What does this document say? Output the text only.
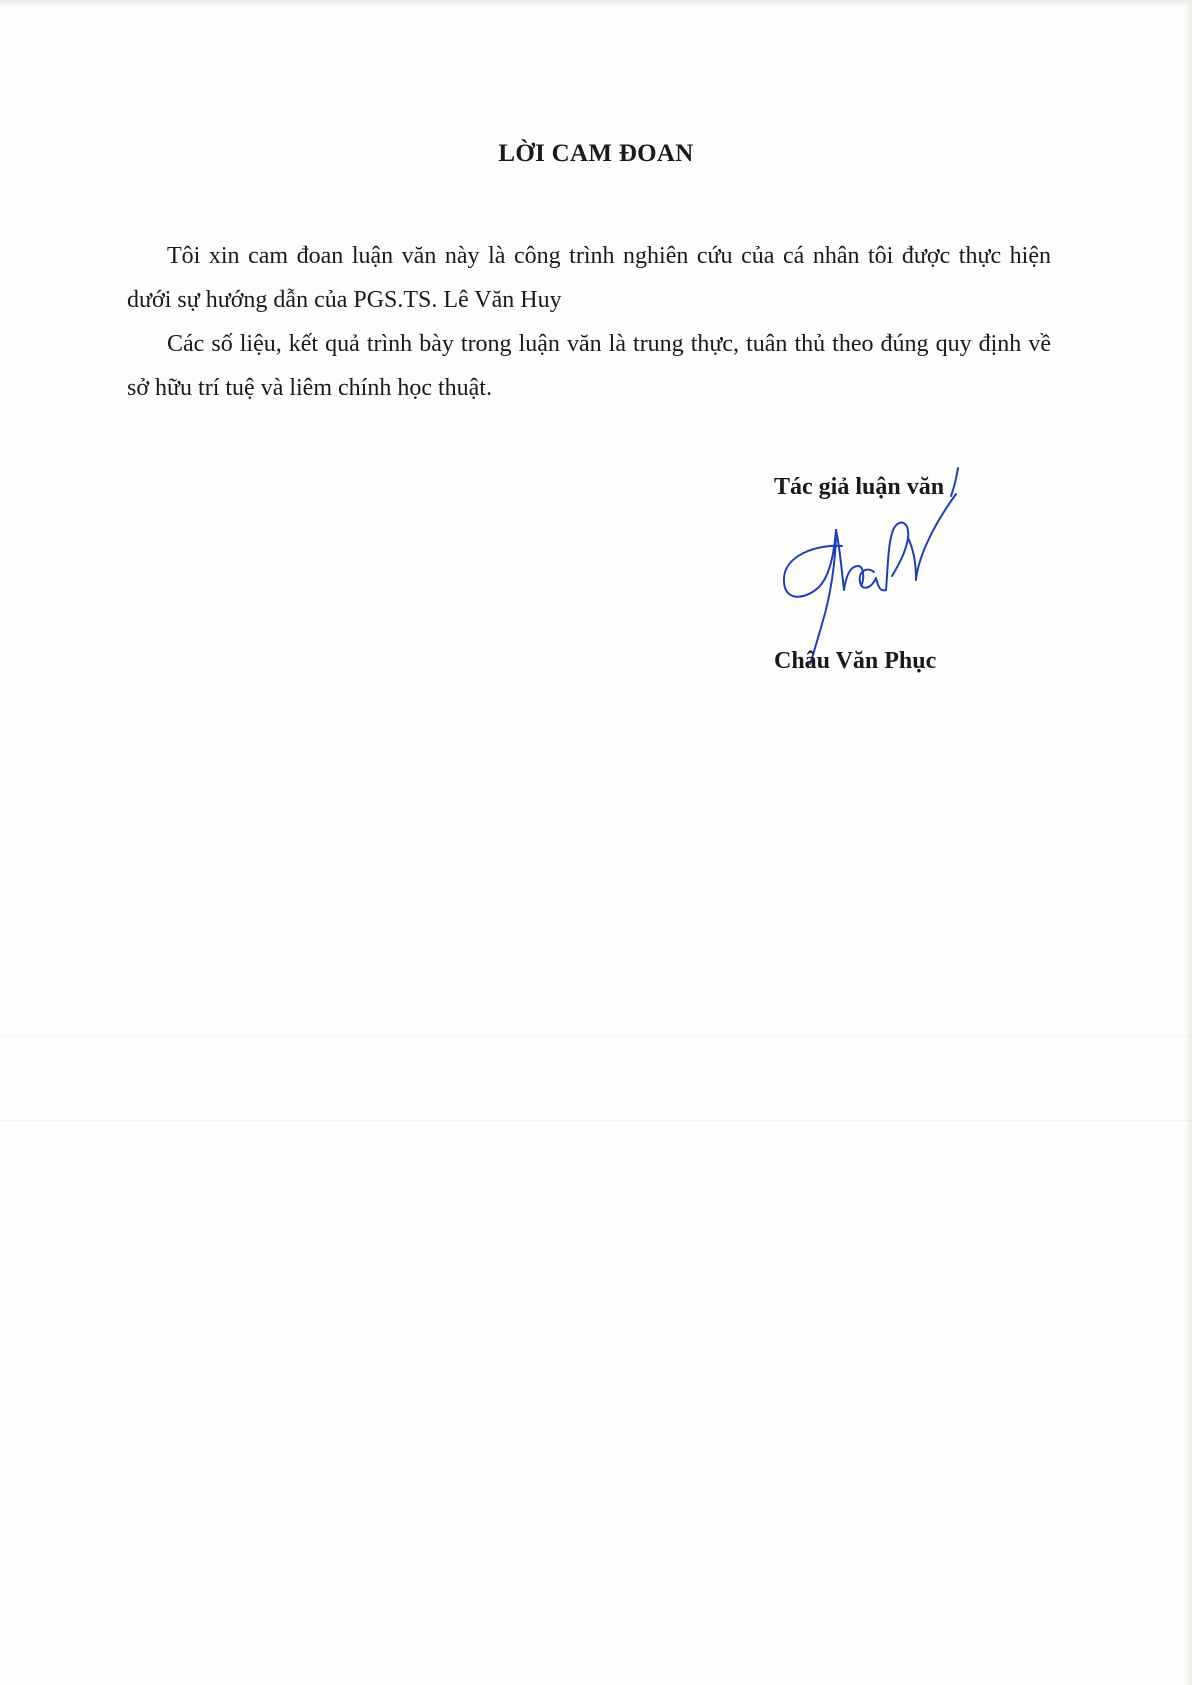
LỜI CAM ĐOAN

Tôi xin cam đoan luận văn này là công trình nghiên cứu của cá nhân tôi được thực hiện dưới sự hướng dẫn của PGS.TS. Lê Văn Huy

Các số liệu, kết quả trình bày trong luận văn là trung thực, tuân thủ theo đúng quy định về sở hữu trí tuệ và liêm chính học thuật.

Tác giả luận văn
Châu Văn Phục
